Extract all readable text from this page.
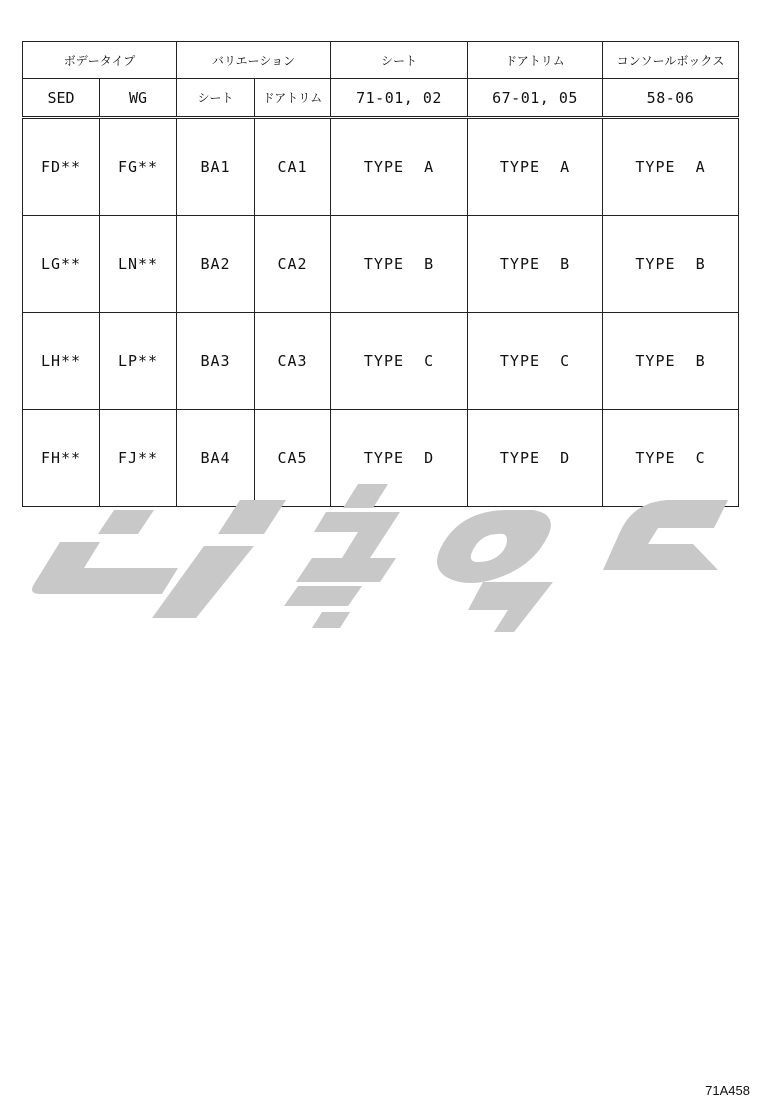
ボデータイプ		バリエーション		シート	ドアトリム	コンソールボックス
SED	WG	シート	ドアトリム	71-01, 02	67-01, 05	58-06
FD**	FG**	BA1	CA1	TYPE  A	TYPE  A	TYPE  A
LG**	LN**	BA2	CA2	TYPE  B	TYPE  B	TYPE  B
LH**	LP**	BA3	CA3	TYPE  C	TYPE  C	TYPE  B
FH**	FJ**	BA4	CA5	TYPE  D	TYPE  D	TYPE  C
71A458
